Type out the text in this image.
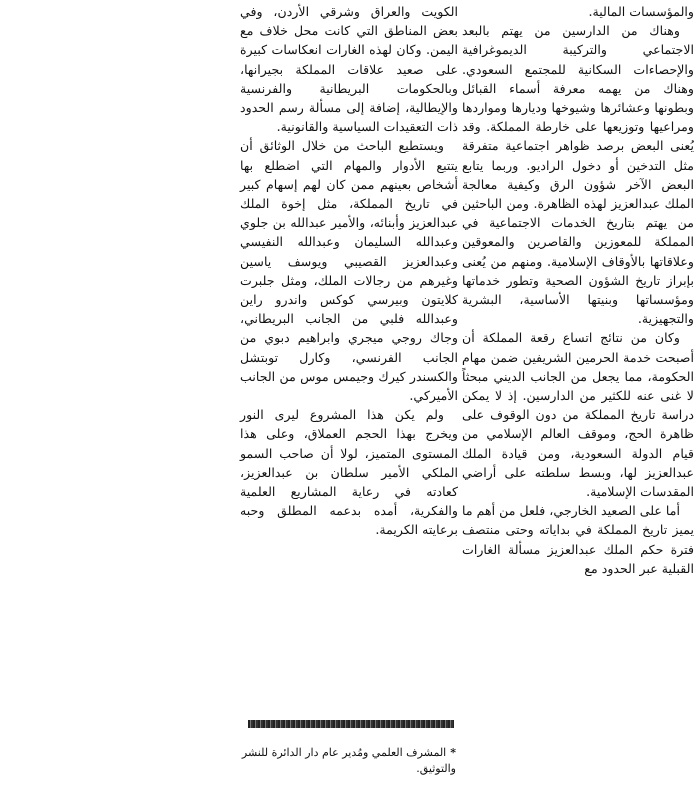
والمؤسسات المالية.

وهناك من الدارسين من يهتم بالبعد الاجتماعي والتركيبة الديموغرافية والإحصاءات السكانية للمجتمع السعودي. وهناك من يهمه معرفة أسماء القبائل وبطونها وعشائرها وشيوخها وديارها ومواردها ومراعيها وتوزيعها على خارطة المملكة. وقد يُعنى البعض برصد ظواهر اجتماعية متفرقة مثل التدخين أو دخول الراديو. وربما يتابع البعض الآخر شؤون الرق وكيفية معالجة الملك عبدالعزيز لهذه الظاهرة. ومن الباحثين من يهتم بتاريخ الخدمات الاجتماعية في المملكة للمعوزين والقاصرين والمعوقين وعلاقاتها بالأوقاف الإسلامية. ومنهم من يُعنى بإبراز تاريخ الشؤون الصحية وتطور خدماتها ومؤسساتها وبنيتها الأساسية، البشرية والتجهيزية.

وكان من نتائج اتساع رقعة المملكة أن أصبحت خدمة الحرمين الشريفين ضمن مهام الحكومة، مما يجعل من الجانب الديني مبحثاً لا غنى عنه للكثير من الدارسين. إذ لا يمكن دراسة تاريخ المملكة من دون الوقوف على ظاهرة الحج، وموقف العالم الإسلامي من قيام الدولة السعودية، ومن قيادة الملك عبدالعزيز لها، وبسط سلطته على أراضي المقدسات الإسلامية.

أما على الصعيد الخارجي، فلعل من أهم ما يميز تاريخ المملكة في بداياته وحتى منتصف فترة حكم الملك عبدالعزيز مسألة الغارات القبلية عبر الحدود مع

الكويت والعراق وشرقي الأردن، وفي بعض المناطق التي كانت محل خلاف مع اليمن. وكان لهذه الغارات انعكاسات كبيرة على صعيد علاقات المملكة بجيرانها، وبالحكومات البريطانية والفرنسية والإيطالية، إضافة إلى مسألة رسم الحدود ذات التعقيدات السياسية والقانونية.

ويستطيع الباحث من خلال الوثائق أن يتتبع الأدوار والمهام التي اضطلع بها أشخاص بعينهم ممن كان لهم إسهام كبير في تاريخ المملكة، مثل إخوة الملك عبدالعزيز وأبنائه، والأمير عبدالله بن جلوي وعبدالله السليمان وعبدالله النفيسي وعبدالعزيز القصيبي ويوسف ياسين وغيرهم من رجالات الملك، ومثل جلبرت كلايتون وبيرسي كوكس واندرو راين وعبدالله فلبي من الجانب البريطاني، وجاك روجي ميجري وابراهيم دبوي من الجانب الفرنسي، وكارل توبتشل والكسندر كيرك وجيمس موس من الجانب الأميركي.

ولم يكن هذا المشروع ليرى النور ويخرج بهذا الحجم العملاق، وعلى هذا المستوى المتميز، لولا أن صاحب السمو الملكي الأمير سلطان بن عبدالعزيز، كعادته في رعاية المشاريع العلمية والفكرية، أمده بدعمه المطلق وحبه برعايته الكريمة.

*المشرف العلمي ومُدير عام دار الدائرة للنشر والتوثيق.
